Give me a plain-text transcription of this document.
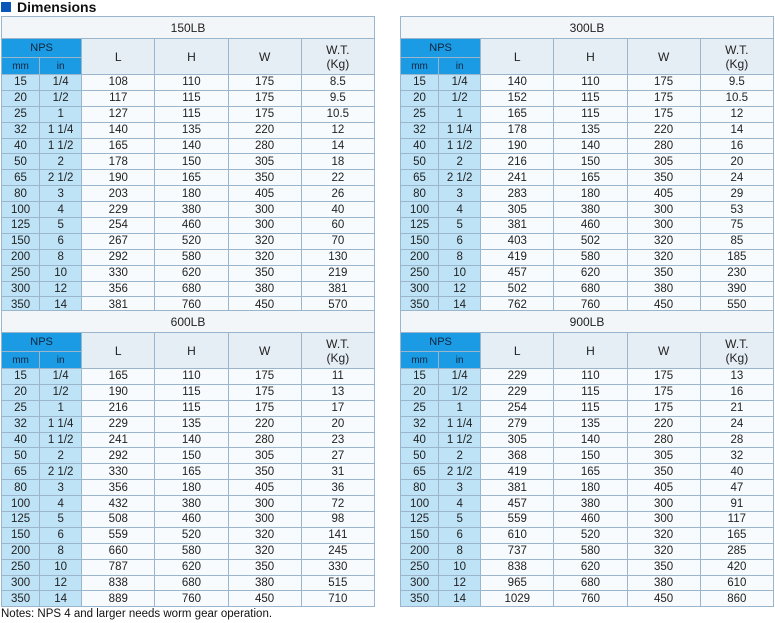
Dimensions
150LB					
NPS		L	H	W	W.T.
(Kg)

mm	in				
15	1/4	108	110	175	8.5
20	1/2	117	115	175	9.5
25	1	127	115	175	10.5
32	1 1/4	140	135	220	12
40	1 1/2	165	140	280	14
50	2	178	150	305	18
65	2 1/2	190	165	350	22
80	3	203	180	405	26
100	4	229	380	300	40
125	5	254	460	300	60
150	6	267	520	320	70
200	8	292	580	320	130
250	10	330	620	350	219
300	12	356	680	380	381
350	14	381	760	450	570
300LB					
NPS		L	H	W	W.T.
(Kg)

mm	in				
15	1/4	140	110	175	9.5
20	1/2	152	115	175	10.5
25	1	165	115	175	12
32	1 1/4	178	135	220	14
40	1 1/2	190	140	280	16
50	2	216	150	305	20
65	2 1/2	241	165	350	24
80	3	283	180	405	29
100	4	305	380	300	53
125	5	381	460	300	75
150	6	403	502	320	85
200	8	419	580	320	185
250	10	457	620	350	230
300	12	502	680	380	390
350	14	762	760	450	550
600LB					
NPS		L	H	W	W.T.
(Kg)

mm	in				
15	1/4	165	110	175	11
20	1/2	190	115	175	13
25	1	216	115	175	17
32	1 1/4	229	135	220	20
40	1 1/2	241	140	280	23
50	2	292	150	305	27
65	2 1/2	330	165	350	31
80	3	356	180	405	36
100	4	432	380	300	72
125	5	508	460	300	98
150	6	559	520	320	141
200	8	660	580	320	245
250	10	787	620	350	330
300	12	838	680	380	515
350	14	889	760	450	710
900LB					
NPS		L	H	W	W.T.
(Kg)

mm	in				
15	1/4	229	110	175	13
20	1/2	229	115	175	16
25	1	254	115	175	21
32	1 1/4	279	135	220	24
40	1 1/2	305	140	280	28
50	2	368	150	305	32
65	2 1/2	419	165	350	40
80	3	381	180	405	47
100	4	457	380	300	91
125	5	559	460	300	117
150	6	610	520	320	165
200	8	737	580	320	285
250	10	838	620	350	420
300	12	965	680	380	610
350	14	1029	760	450	860
Notes: NPS 4 and larger needs worm gear operation.
